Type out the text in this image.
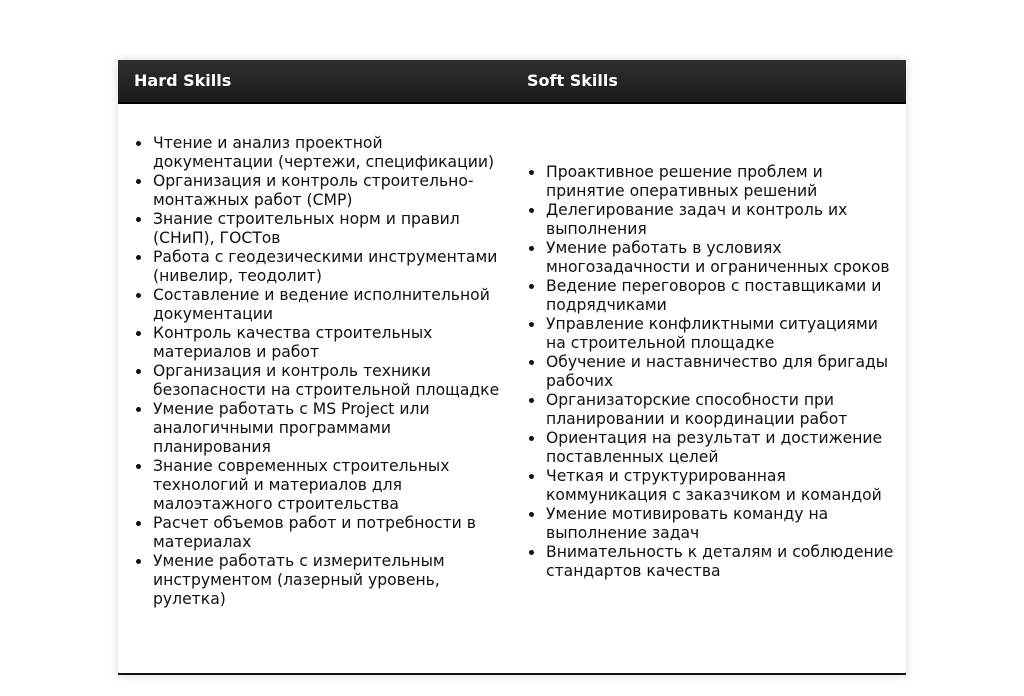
Hard Skills	Soft Skills
Чтение и анализ проектной документации (чертежи, спецификации)
Организация и контроль строительно-монтажных работ (СМР)
Знание строительных норм и правил (СНиП), ГОСТов
Работа с геодезическими инструментами (нивелир, теодолит)
Составление и ведение исполнительной документации
Контроль качества строительных материалов и работ
Организация и контроль техники безопасности на строительной площадке
Умение работать с MS Project или аналогичными программами планирования
Знание современных строительных технологий и материалов для малоэтажного строительства
Расчет объемов работ и потребности в материалах
Умение работать с измерительным инструментом (лазерный уровень, рулетка)
Проактивное решение проблем и принятие оперативных решений
Делегирование задач и контроль их выполнения
Умение работать в условиях многозадачности и ограниченных сроков
Ведение переговоров с поставщиками и подрядчиками
Управление конфликтными ситуациями на строительной площадке
Обучение и наставничество для бригады рабочих
Организаторские способности при планировании и координации работ
Ориентация на результат и достижение поставленных целей
Четкая и структурированная коммуникация с заказчиком и командой
Умение мотивировать команду на выполнение задач
Внимательность к деталям и соблюдение стандартов качества
